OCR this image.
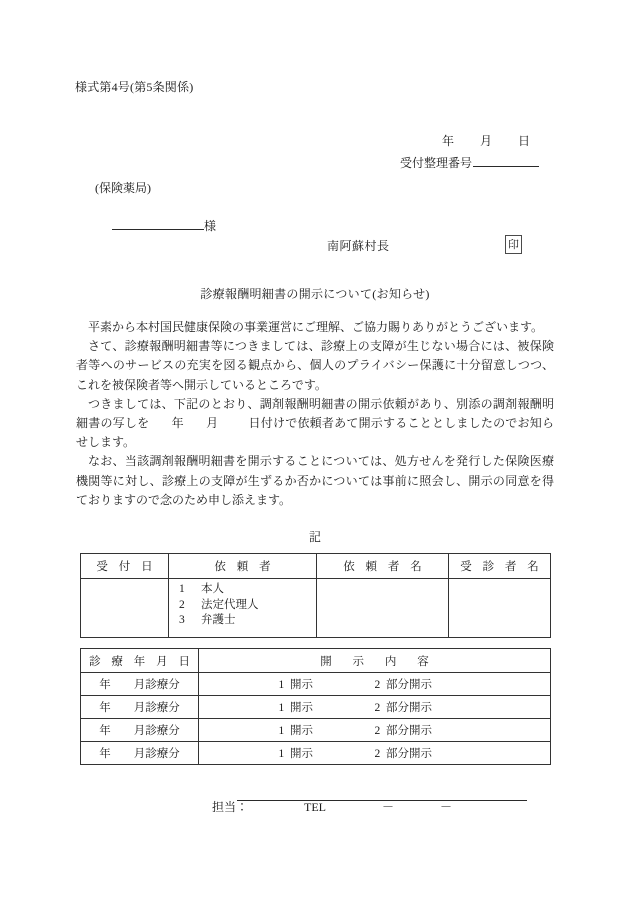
様式第4号(第5条関係)

年 月 日

受付整理番号

(保険薬局)

様

南阿蘇村長	印
診療報酬明細書の開示について(お知らせ)

平素から本村国民健康保険の事業運営にご理解、ご協力賜りありがとうございます。

さて、診療報酬明細書等につきましては、診療上の支障が生じない場合には、被保険者等へのサービスの充実を図る観点から、個人のプライバシー保護に十分留意しつつ、これを被保険者等へ開示しているところです。

つきましては、下記のとおり、調剤報酬明細書の開示依頼があり、別添の調剤報酬明細書の写しを 年 月	日付けで依頼者あて開示することとしましたのでお知らせします。

なお、当該調剤報酬明細書を開示することについては、処方せんを発行した保険医療機関等に対し、診療上の支障が生ずるか否かについては事前に照会し、開示の同意を得ておりますので念のため申し添えます。

記
受 付 日	依 頼 者	依 頼 者 名	受 診 者 名

	1 本人
2 法定代理人
3 弁護士		

診 療 年 月 日	開 示 内 容
年　　月診療分	1 開示 2 部分開示
年　　月診療分	1 開示 2 部分開示
年　　月診療分	1 開示 2 部分開示
年　　月診療分	1 開示 2 部分開示

担当：	TEL	－	－
